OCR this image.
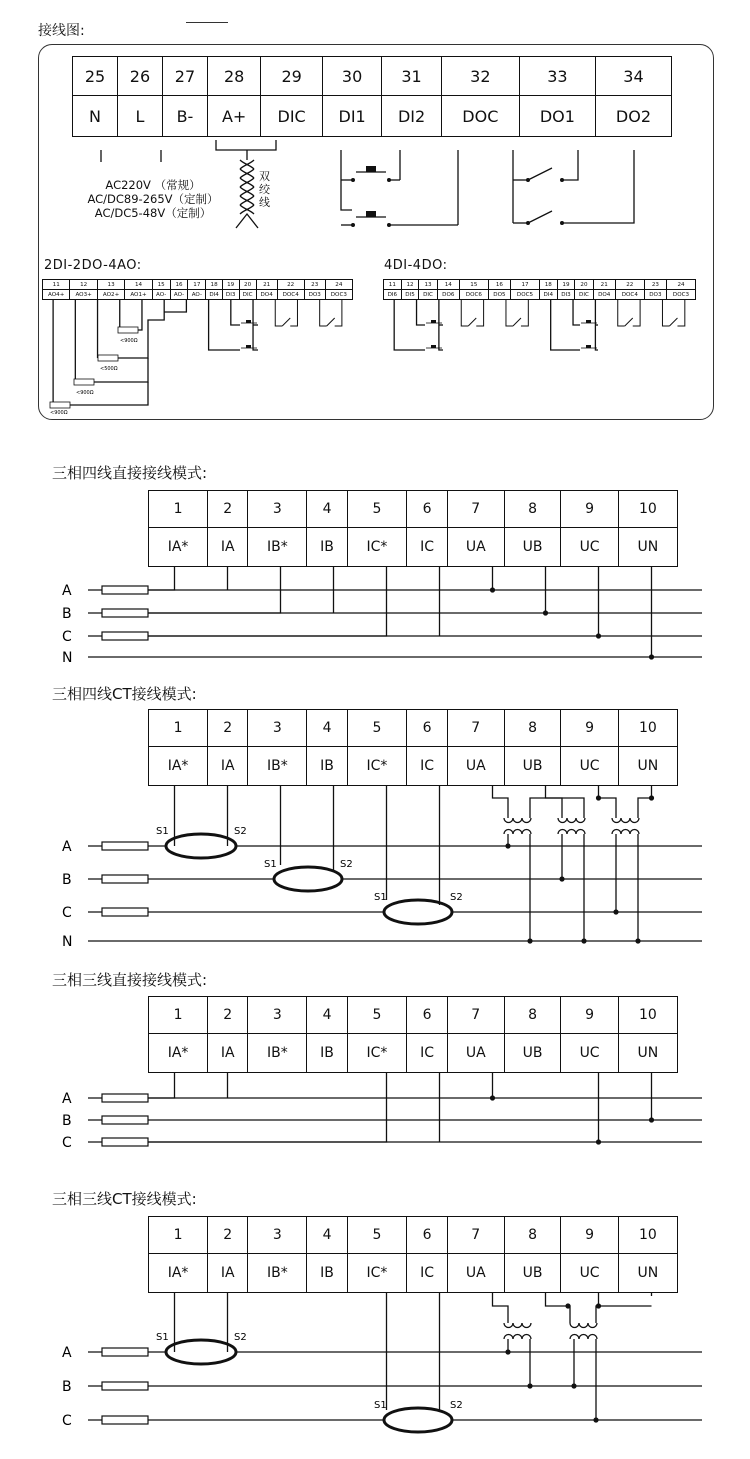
接线图:
25	26	27	28	29	30	31	32	33	34
N	L	B-	A+	DIC	DI1	DI2	DOC	DO1	DO2
AC220V （常规）
AC/DC89-265V（定制）
AC/DC5-48V（定制）
双绞线
2DI-2DO-4AO:	4DI-4DO:
11	12	13	14	15	16	17	18	19	20	21	22	23	24
AO4+	AO3+	AO2+	AO1+	AO-	AO-	AO-	DI4	DI3	DIC	DO4	DOC4	DO3	DOC3
11	12	13	14	15	16	17	18	19	20	21	22	23	24
DI6	DI5	DIC	DO6	DOC6	DO5	DOC5	DI4	DI3	DIC	DO4	DOC4	DO3	DOC3
三相四线直接接线模式:
三相四线CT接线模式:
三相三线直接接线模式:
三相三线CT接线模式:
1	2	3	4	5	6	7	8	9	10
IA*	IA	IB*	IB	IC*	IC	UA	UB	UC	UN
1	2	3	4	5	6	7	8	9	10
IA*	IA	IB*	IB	IC*	IC	UA	UB	UC	UN
1	2	3	4	5	6	7	8	9	10
IA*	IA	IB*	IB	IC*	IC	UA	UB	UC	UN
1	2	3	4	5	6	7	8	9	10
IA*	IA	IB*	IB	IC*	IC	UA	UB	UC	UN
<900Ω
<500Ω
<900Ω
<900Ω
A
B
C
N
A
B
C
N
S1	S2
S1	S2
S1	S2
A
B
C
A
B
C
S1	S2
S1	S2
